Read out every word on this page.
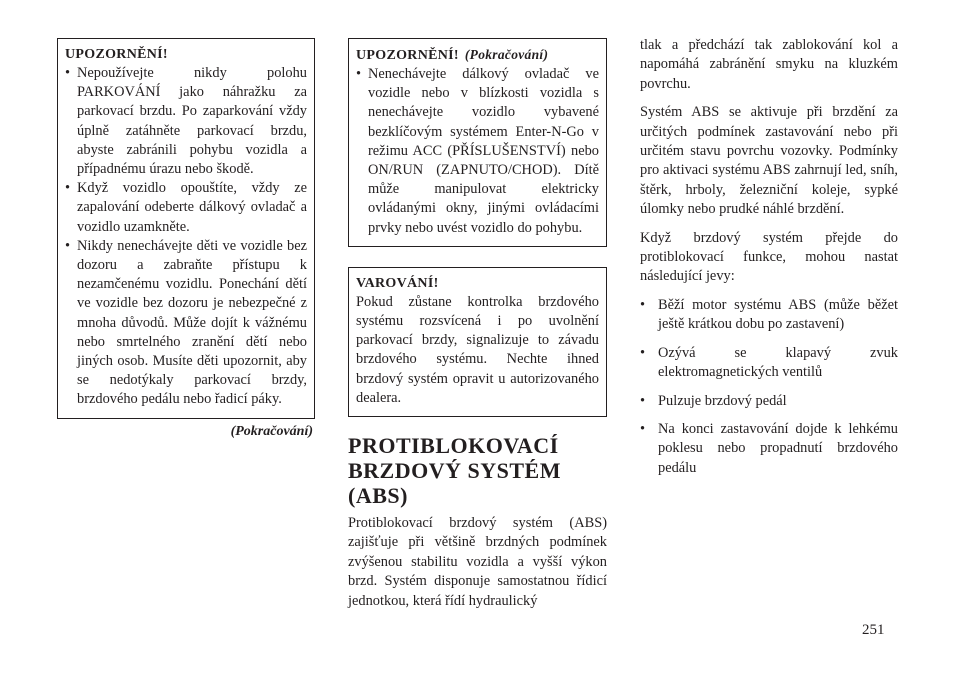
UPOZORNĚNÍ!
• Nepoužívejte nikdy polohu PARKOVÁNÍ jako náhražku za parkovací brzdu. Po zaparkování vždy úplně zatáhněte parkovací brzdu, abyste zabránili pohybu vozidla a případnému úrazu nebo škodě.
• Když vozidlo opouštíte, vždy ze zapalování odeberte dálkový ovladač a vozidlo uzamkněte.
• Nikdy nenechávejte děti ve vozidle bez dozoru a zabraňte přístupu k nezamčenému vozidlu. Ponechání dětí ve vozidle bez dozoru je nebezpečné z mnoha důvodů. Může dojít k vážnému nebo smrtelného zranění dětí nebo jiných osob. Musíte děti upozornit, aby se nedotýkaly parkovací brzdy, brzdového pedálu nebo řadicí páky.
(Pokračování)
UPOZORNĚNÍ! (Pokračování)
• Nenechávejte dálkový ovladač ve vozidle nebo v blízkosti vozidla s nenechávejte vozidlo vybavené bezklíčovým systémem Enter-N-Go v režimu ACC (PŘÍSLUŠENSTVÍ) nebo ON/RUN (ZAPNUTO/CHOD). Dítě může manipulovat elektricky ovládanými okny, jinými ovládacími prvky nebo uvést vozidlo do pohybu.
VAROVÁNÍ!
Pokud zůstane kontrolka brzdového systému rozsvícená i po uvolnění parkovací brzdy, signalizuje to závadu brzdového systému. Nechte ihned brzdový systém opravit u autorizovaného dealera.
PROTIBLOKOVACÍ BRZDOVÝ SYSTÉM (ABS)

Protiblokovací brzdový systém (ABS) zajišťuje při většině brzdných podmínek zvýšenou stabilitu vozidla a vyšší výkon brzd. Systém disponuje samostatnou řídicí jednotkou, která řídí hydraulický

tlak a předchází tak zablokování kol a napomáhá zabránění smyku na kluzkém povrchu.

Systém ABS se aktivuje při brzdění za určitých podmínek zastavování nebo při určitém stavu povrchu vozovky. Podmínky pro aktivaci systému ABS zahrnují led, sníh, štěrk, hrboly, železniční koleje, sypké úlomky nebo prudké náhlé brzdění.

Když brzdový systém přejde do protiblokovací funkce, mohou nastat následující jevy:

• Běží motor systému ABS (může běžet ještě krátkou dobu po zastavení)
• Ozývá se klapavý zvuk elektromagnetických ventilů
• Pulzuje brzdový pedál
• Na konci zastavování dojde k lehkému poklesu nebo propadnutí brzdového pedálu
251
